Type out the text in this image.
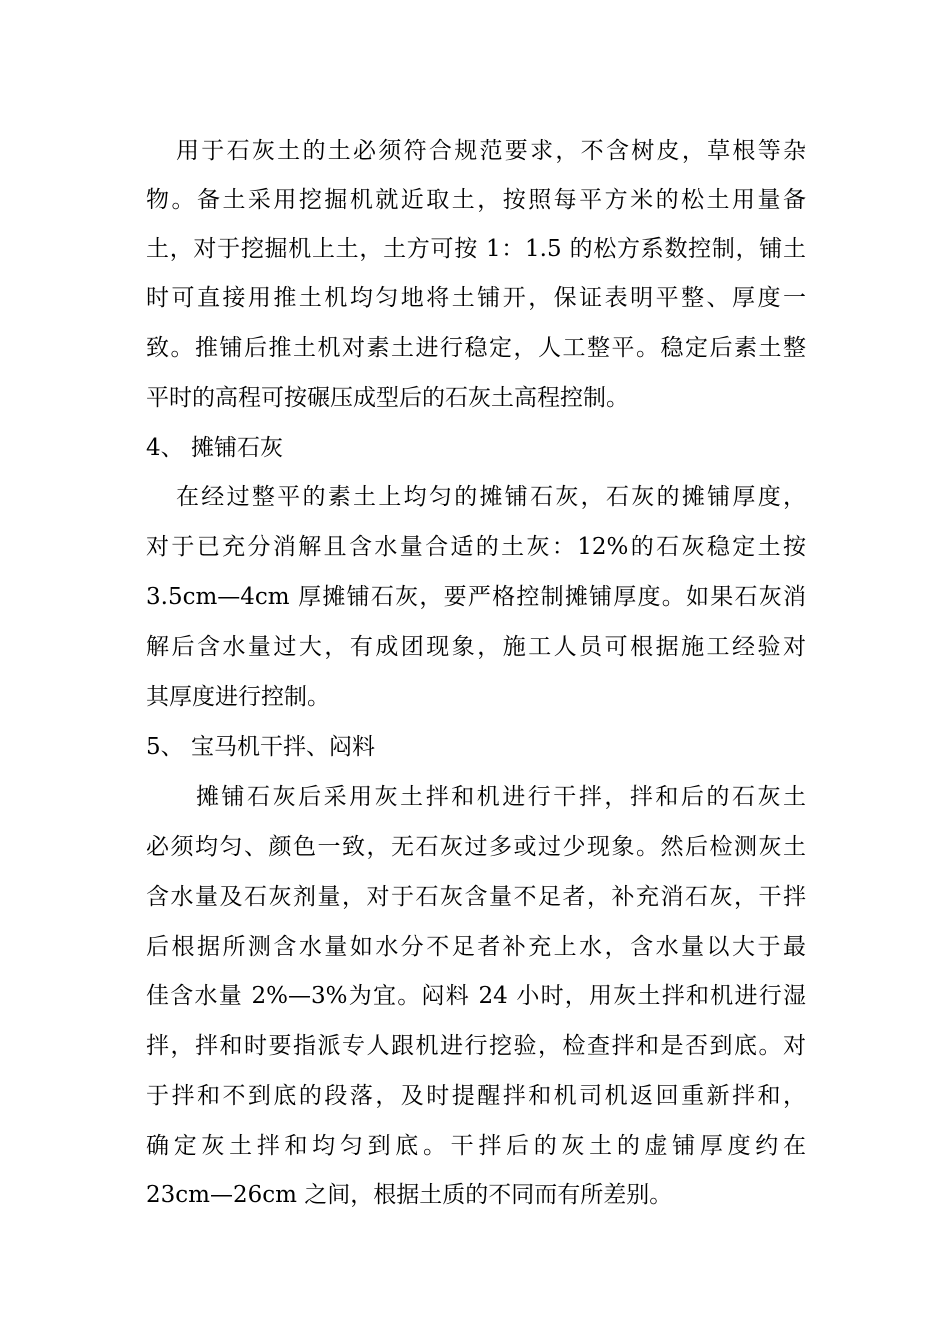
用于石灰土的土必须符合规范要求，不含树皮，草根等杂
物。备土采用挖掘机就近取土，按照每平方米的松土用量备
土，对于挖掘机上土，土方可按 1：1.5 的松方系数控制，铺土
时可直接用推土机均匀地将土铺开，保证表明平整、厚度一
致。推铺后推土机对素土进行稳定，人工整平。稳定后素土整
平时的高程可按碾压成型后的石灰土高程控制。
4、 摊铺石灰
在经过整平的素土上均匀的摊铺石灰，石灰的摊铺厚度，
对于已充分消解且含水量合适的土灰：12%的石灰稳定土按
3.5cm—4cm 厚摊铺石灰，要严格控制摊铺厚度。如果石灰消
解后含水量过大，有成团现象，施工人员可根据施工经验对
其厚度进行控制。
5、 宝马机干拌、闷料
摊铺石灰后采用灰土拌和机进行干拌，拌和后的石灰土
必须均匀、颜色一致，无石灰过多或过少现象。然后检测灰土
含水量及石灰剂量，对于石灰含量不足者，补充消石灰，干拌
后根据所测含水量如水分不足者补充上水，含水量以大于最
佳含水量 2%—3%为宜。闷料 24 小时，用灰土拌和机进行湿
拌，拌和时要指派专人跟机进行挖验，检查拌和是否到底。对
于拌和不到底的段落，及时提醒拌和机司机返回重新拌和，
确定灰土拌和均匀到底。干拌后的灰土的虚铺厚度约在
23cm—26cm 之间，根据土质的不同而有所差别。
